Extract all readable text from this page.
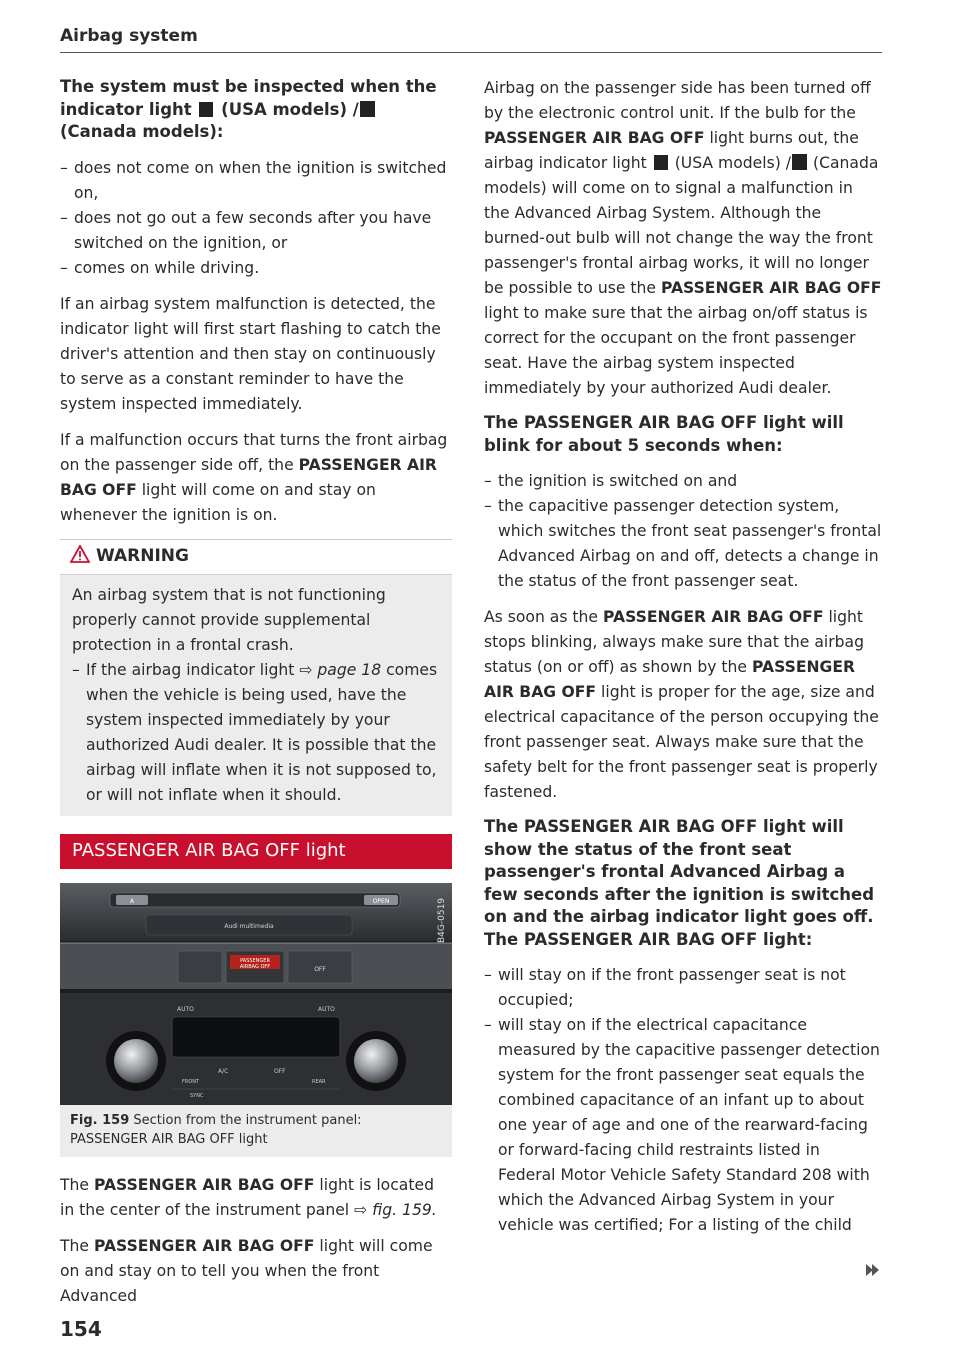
Airbag system
The system must be inspected when the
indicator light (USA models) /
(Canada models):
– does not come on when the ignition is switched on,
– does not go out a few seconds after you have switched on the ignition, or
– comes on while driving.

If an airbag system malfunction is detected, the indicator light will first start flashing to catch the driver's attention and then stay on continuously to serve as a constant reminder to have the system inspected immediately.

If a malfunction occurs that turns the front airbag on the passenger side off, the PASSENGER AIR BAG OFF light will come on and stay on whenever the ignition is on.

WARNING

An airbag system that is not functioning properly cannot provide supplemental protection in a frontal crash.

– If the airbag indicator light ⇨ page 18 comes when the vehicle is being used, have the system inspected immediately by your authorized Audi dealer. It is possible that the airbag will inflate when it is not supposed to, or will not inflate when it should.
PASSENGER AIR BAG OFF light
A	OPEN
Audi multimedia
PASSENGER
AIRBAG OFF	OFF
AUTO	AUTO
FRONT
A/C	OFF
REAR
SYNC
B4G-0519
Fig. 159 Section from the instrument panel: PASSENGER AIR BAG OFF light

The PASSENGER AIR BAG OFF light is located in the center of the instrument panel ⇨ fig. 159.

The PASSENGER AIR BAG OFF light will come on and stay on to tell you when the front Advanced

Airbag on the passenger side has been turned off by the electronic control unit. If the bulb for the PASSENGER AIR BAG OFF light burns out, the airbag indicator light (USA models) / (Canada models) will come on to signal a malfunction in the Advanced Airbag System. Although the burned-out bulb will not change the way the front passenger's frontal airbag works, it will no longer be possible to use the PASSENGER AIR BAG OFF light to make sure that the airbag on/off status is correct for the occupant on the front passenger seat. Have the airbag system inspected immediately by your authorized Audi dealer.

The PASSENGER AIR BAG OFF light will blink for about 5 seconds when:
– the ignition is switched on and
– the capacitive passenger detection system, which switches the front seat passenger's frontal Advanced Airbag on and off, detects a change in the status of the front passenger seat.

As soon as the PASSENGER AIR BAG OFF light stops blinking, always make sure that the airbag status (on or off) as shown by the PASSENGER AIR BAG OFF light is proper for the age, size and electrical capacitance of the person occupying the front passenger seat. Always make sure that the safety belt for the front passenger seat is properly fastened.

The PASSENGER AIR BAG OFF light will show the status of the front seat passenger's frontal Advanced Airbag a few seconds after the ignition is switched on and the airbag indicator light goes off. The PASSENGER AIR BAG OFF light:
– will stay on if the front passenger seat is not occupied;
– will stay on if the electrical capacitance measured by the capacitive passenger detection system for the front passenger seat equals the combined capacitance of an infant up to about one year of age and one of the rearward-facing or forward-facing child restraints listed in Federal Motor Vehicle Safety Standard 208 with which the Advanced Airbag System in your vehicle was certified; For a listing of the child
154
